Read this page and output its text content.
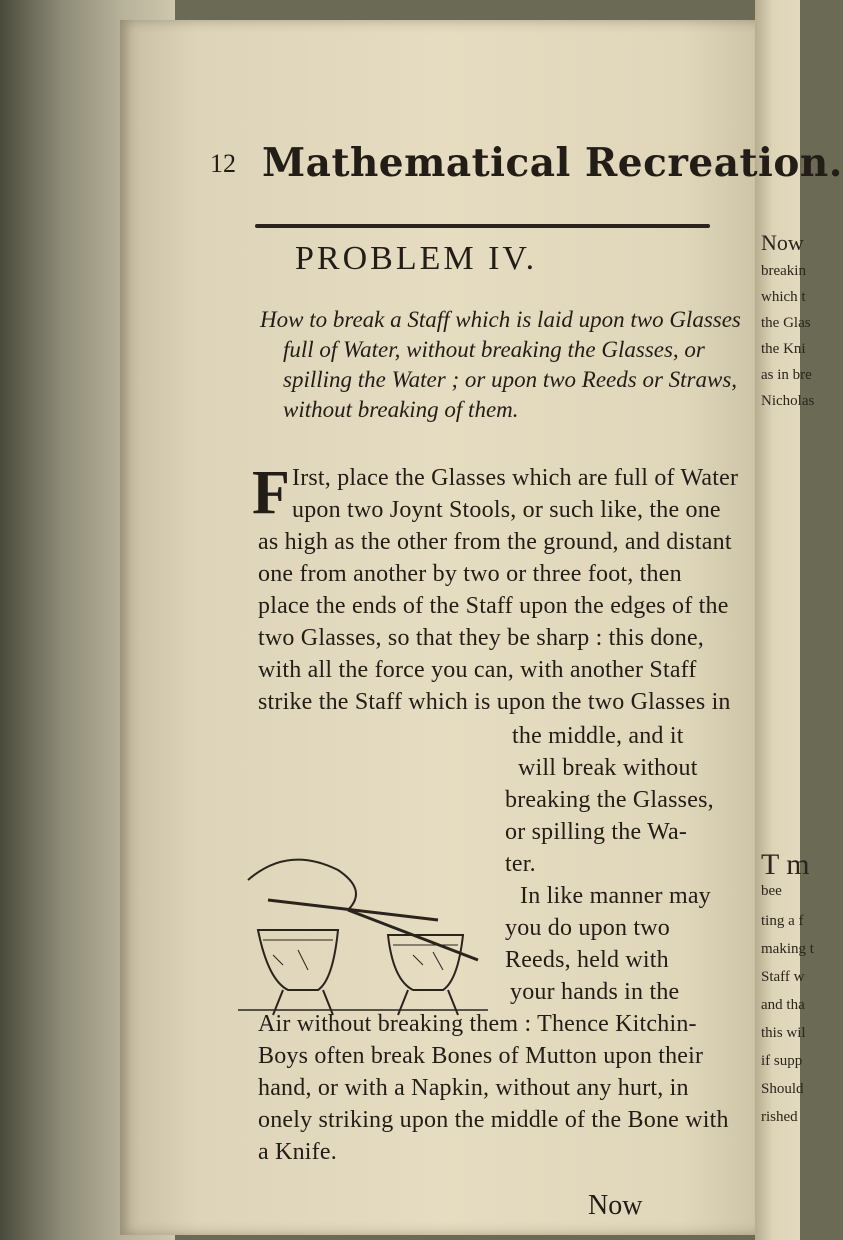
Now
breakin
which t
the Glas
the Kni
as in bre
Nicholas
T m
bee
ting a f
making t
Staff w
and tha
this wil
if supp
Should
rished
12 Mathematical Recreation.
PROBLEM IV.
How to break a Staff which is laid upon two Glasses
full of Water, without breaking the Glasses, or
spilling the Water ; or upon two Reeds or Straws,
without breaking of them.
F Irst, place the Glasses which are full of Water
upon two Joynt Stools, or such like, the one
as high as the other from the ground, and distant
one from another by two or three foot, then
place the ends of the Staff upon the edges of the
two Glasses, so that they be sharp : this done,
with all the force you can, with another Staff
strike the Staff which is upon the two Glasses in
the middle, and it
will break without
breaking the Glasses,
or spilling the Wa-
ter.
In like manner may
you do upon two
Reeds, held with
your hands in the
Air without breaking them : Thence Kitchin-
Boys often break Bones of Mutton upon their
hand, or with a Napkin, without any hurt, in
onely striking upon the middle of the Bone with
a Knife.
Now
